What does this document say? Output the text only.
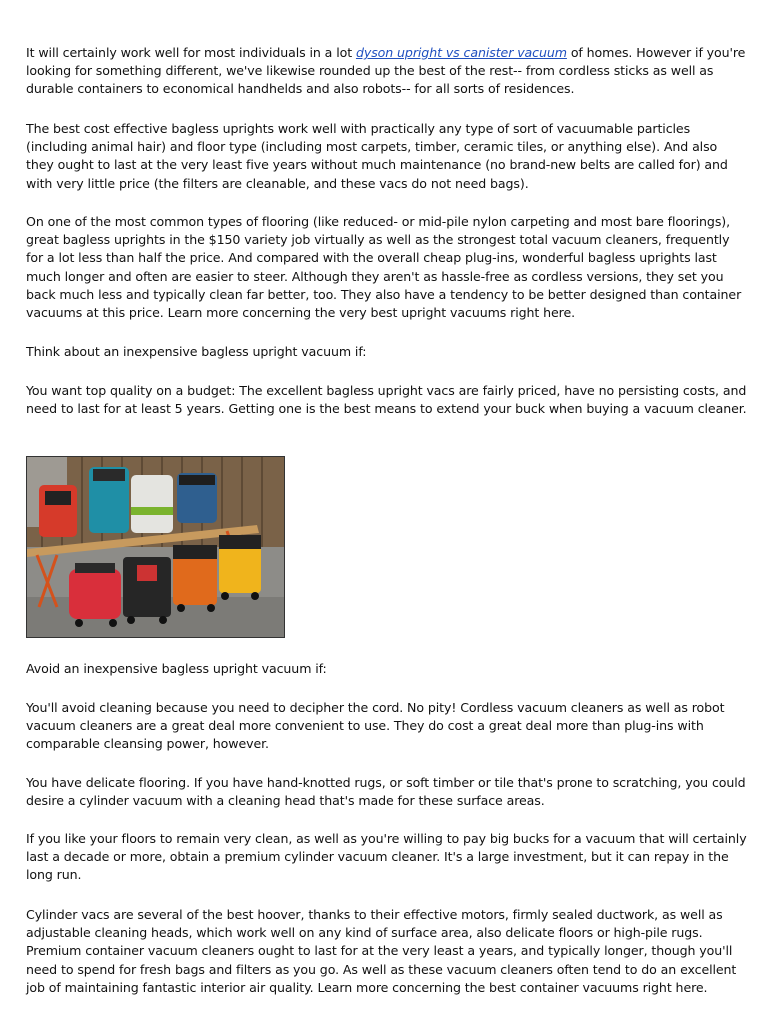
It will certainly work well for most individuals in a lot dyson upright vs canister vacuum of homes. However if you're looking for something different, we've likewise rounded up the best of the rest-- from cordless sticks as well as durable containers to economical handhelds and also robots-- for all sorts of residences.

The best cost effective bagless uprights work well with practically any type of sort of vacuumable particles (including animal hair) and floor type (including most carpets, timber, ceramic tiles, or anything else). And also they ought to last at the very least five years without much maintenance (no brand-new belts are called for) and with very little price (the filters are cleanable, and these vacs do not need bags).

On one of the most common types of flooring (like reduced- or mid-pile nylon carpeting and most bare floorings), great bagless uprights in the $150 variety job virtually as well as the strongest total vacuum cleaners, frequently for a lot less than half the price. And compared with the overall cheap plug-ins, wonderful bagless uprights last much longer and often are easier to steer. Although they aren't as hassle-free as cordless versions, they set you back much less and typically clean far better, too. They also have a tendency to be better designed than container vacuums at this price. Learn more concerning the very best upright vacuums right here.

Think about an inexpensive bagless upright vacuum if:

You want top quality on a budget: The excellent bagless upright vacs are fairly priced, have no persisting costs, and need to last for at least 5 years. Getting one is the best means to extend your buck when buying a vacuum cleaner.

Avoid an inexpensive bagless upright vacuum if:

You'll avoid cleaning because you need to decipher the cord. No pity! Cordless vacuum cleaners as well as robot vacuum cleaners are a great deal more convenient to use. They do cost a great deal more than plug-ins with comparable cleansing power, however.

You have delicate flooring. If you have hand-knotted rugs, or soft timber or tile that's prone to scratching, you could desire a cylinder vacuum with a cleaning head that's made for these surface areas.

If you like your floors to remain very clean, as well as you're willing to pay big bucks for a vacuum that will certainly last a decade or more, obtain a premium cylinder vacuum cleaner. It's a large investment, but it can repay in the long run.

Cylinder vacs are several of the best hoover, thanks to their effective motors, firmly sealed ductwork, as well as adjustable cleaning heads, which work well on any kind of surface area, also delicate floors or high-pile rugs. Premium container vacuum cleaners ought to last for at the very least a years, and typically longer, though you'll need to spend for fresh bags and filters as you go. As well as these vacuum cleaners often tend to do an excellent job of maintaining fantastic interior air quality. Learn more concerning the best container vacuums right here.
